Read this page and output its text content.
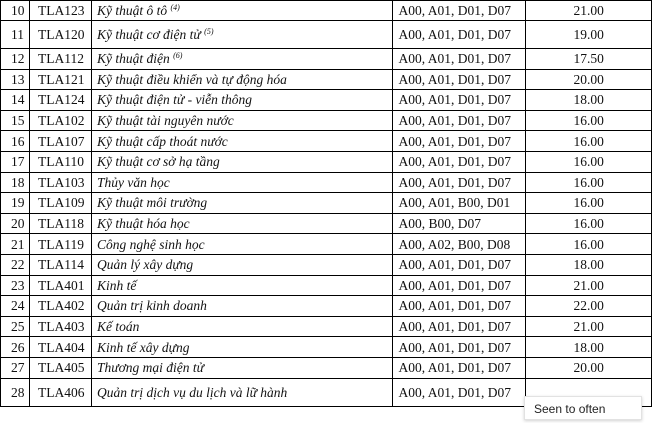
10	TLA123	Kỹ thuật ô tô $^{(4)}$	A00, A01, D01, D07	21.00
11	TLA120	Kỹ thuật cơ điện tử $^{(5)}$	A00, A01, D01, D07	19.00
12	TLA112	Kỹ thuật điện $^{(6)}$	A00, A01, D01, D07	17.50
13	TLA121	Kỹ thuật điều khiển và tự động hóa	A00, A01, D01, D07	20.00
14	TLA124	Kỹ thuật điện tử - viễn thông	A00, A01, D01, D07	18.00
15	TLA102	Kỹ thuật tài nguyên nước	A00, A01, D01, D07	16.00
16	TLA107	Kỹ thuật cấp thoát nước	A00, A01, D01, D07	16.00
17	TLA110	Kỹ thuật cơ sở hạ tầng	A00, A01, D01, D07	16.00
18	TLA103	Thủy văn học	A00, A01, D01, D07	16.00
19	TLA109	Kỹ thuật môi trường	A00, A01, B00, D01	16.00
20	TLA118	Kỹ thuật hóa học	A00, B00, D07	16.00
21	TLA119	Công nghệ sinh học	A00, A02, B00, D08	16.00
22	TLA114	Quản lý xây dựng	A00, A01, D01, D07	18.00
23	TLA401	Kinh tế	A00, A01, D01, D07	21.00
24	TLA402	Quản trị kinh doanh	A00, A01, D01, D07	22.00
25	TLA403	Kế toán	A00, A01, D01, D07	21.00
26	TLA404	Kinh tế xây dựng	A00, A01, D01, D07	18.00
27	TLA405	Thương mại điện tử	A00, A01, D01, D07	20.00
28	TLA406	Quản trị dịch vụ du lịch và lữ hành	A00, A01, D01, D07	
Seen to often
